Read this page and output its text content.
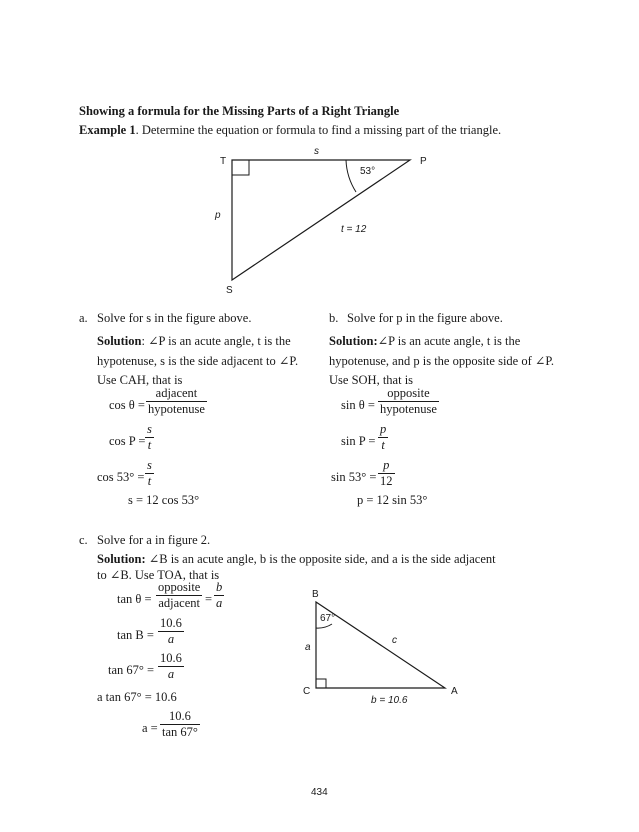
Showing a formula for the Missing Parts of a Right Triangle
Example 1. Determine the equation or formula to find a missing part of the triangle.
T	P
S
s
p
t = 12
53°
a. Solve for s in the figure above.
Solution: ∠P is an acute angle, t is the
hypotenuse, s is the side adjacent to ∠P.
Use CAH, that is
cos θ =
adjacent
hypotenuse
$\cos P = \frac{s}{t}$
$\cos 53^\circ = \frac{s}{t}$
s = 12 cos 53°
b. Solve for p in the figure above.
Solution:∠P is an acute angle, t is the
hypotenuse, and p is the opposite side of ∠P.
Use SOH, that is
sin θ =
opposite
hypotenuse
$\sin P = \frac{p}{t}$
$\sin 53^\circ = \frac{p}{12}$
p = 12 sin 53°
c. Solve for a in figure 2.
Solution: ∠B is an acute angle, b is the opposite side, and a is the side adjacent
to ∠B. Use TOA, that is
tan θ =
opposite
adjacent = $\frac{b}{a}$
$\tan B = \frac{10.6}{a}$
$\tan 67^\circ = \frac{10.6}{a}$
a tan 67° = 10.6
$a = \frac{10.6}{\tan 67^\circ}$
B
C	A
67°
a
c
b = 10.6
434
